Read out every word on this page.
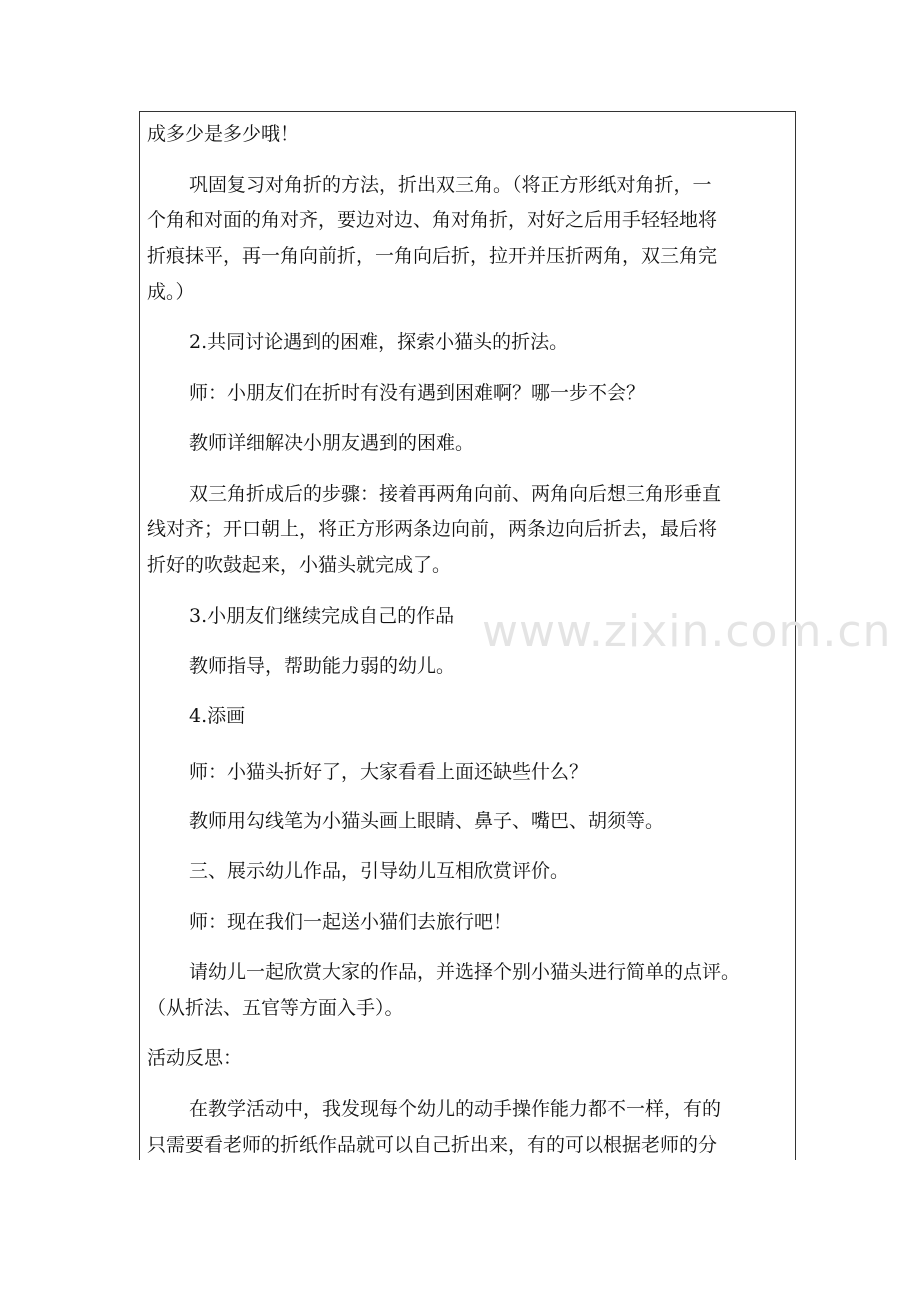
www.zixin.com.cn
成多少是多少哦！
巩固复习对角折的方法，折出双三角。（将正方形纸对角折，一
个角和对面的角对齐，要边对边、角对角折，对好之后用手轻轻地将
折痕抹平，再一角向前折，一角向后折，拉开并压折两角，双三角完
成。）
2.共同讨论遇到的困难，探索小猫头的折法。
师：小朋友们在折时有没有遇到困难啊？哪一步不会？
教师详细解决小朋友遇到的困难。
双三角折成后的步骤：接着再两角向前、两角向后想三角形垂直
线对齐；开口朝上，将正方形两条边向前，两条边向后折去，最后将
折好的吹鼓起来，小猫头就完成了。
3.小朋友们继续完成自己的作品
教师指导，帮助能力弱的幼儿。
4.添画
师：小猫头折好了，大家看看上面还缺些什么？
教师用勾线笔为小猫头画上眼睛、鼻子、嘴巴、胡须等。
三、展示幼儿作品，引导幼儿互相欣赏评价。
师：现在我们一起送小猫们去旅行吧！
请幼儿一起欣赏大家的作品，并选择个别小猫头进行简单的点评。
（从折法、五官等方面入手）。
活动反思：
在教学活动中，我发现每个幼儿的动手操作能力都不一样，有的
只需要看老师的折纸作品就可以自己折出来，有的可以根据老师的分
